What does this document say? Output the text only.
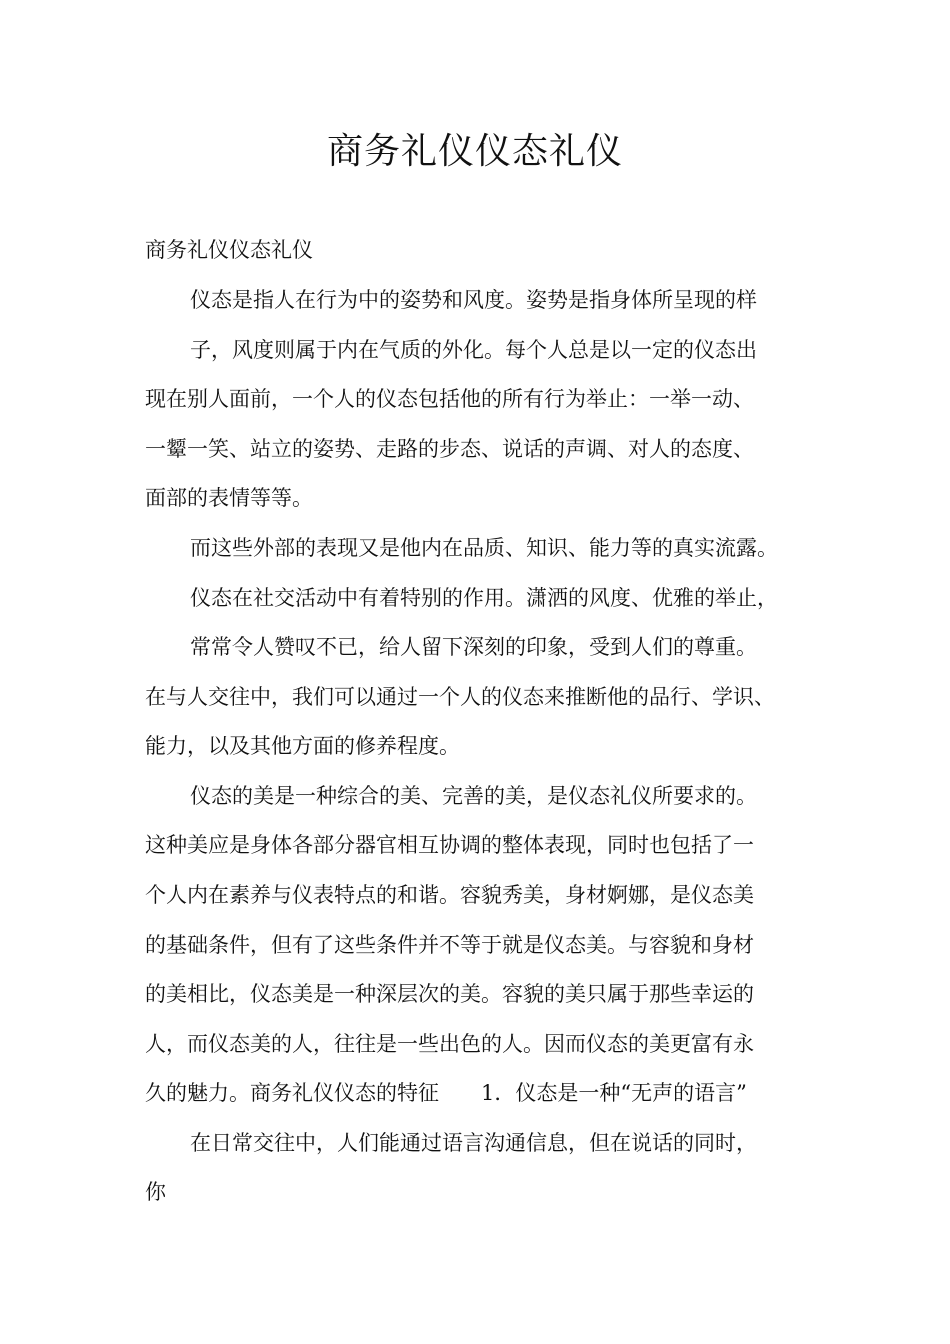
商务礼仪仪态礼仪

商务礼仪仪态礼仪

仪态是指人在行为中的姿势和风度。姿势是指身体所呈现的样

子，风度则属于内在气质的外化。每个人总是以一定的仪态出

现在别人面前，一个人的仪态包括他的所有行为举止：一举一动、

一颦一笑、站立的姿势、走路的步态、说话的声调、对人的态度、

面部的表情等等。

而这些外部的表现又是他内在品质、知识、能力等的真实流露。

仪态在社交活动中有着特别的作用。潇洒的风度、优雅的举止，

常常令人赞叹不已，给人留下深刻的印象，受到人们的尊重。

在与人交往中，我们可以通过一个人的仪态来推断他的品行、学识、

能力，以及其他方面的修养程度。

仪态的美是一种综合的美、完善的美，是仪态礼仪所要求的。

这种美应是身体各部分器官相互协调的整体表现，同时也包括了一

个人内在素养与仪表特点的和谐。容貌秀美，身材婀娜，是仪态美

的基础条件，但有了这些条件并不等于就是仪态美。与容貌和身材

的美相比，仪态美是一种深层次的美。容貌的美只属于那些幸运的

人，而仪态美的人，往往是一些出色的人。因而仪态的美更富有永

久的魅力。商务礼仪仪态的特征　　1．仪态是一种“无声的语言”

在日常交往中，人们能通过语言沟通信息，但在说话的同时，

你
